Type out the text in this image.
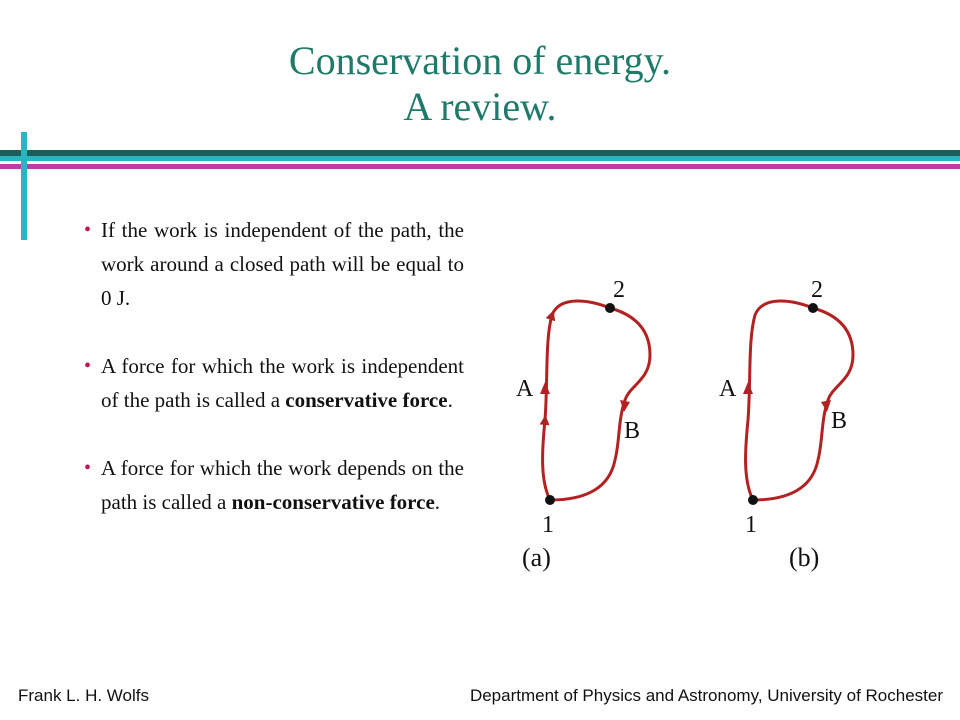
Conservation of energy.
A review.
• If the work is independent of the path, the work around a closed path will be equal to 0 J.
• A force for which the work is independent of the path is called a conservative force.
• A force for which the work depends on the path is called a non-conservative force.
2
1
A
B
(a)
2
1
A
B
(b)
Frank L. H. Wolfs	Department of Physics and Astronomy, University of Rochester
